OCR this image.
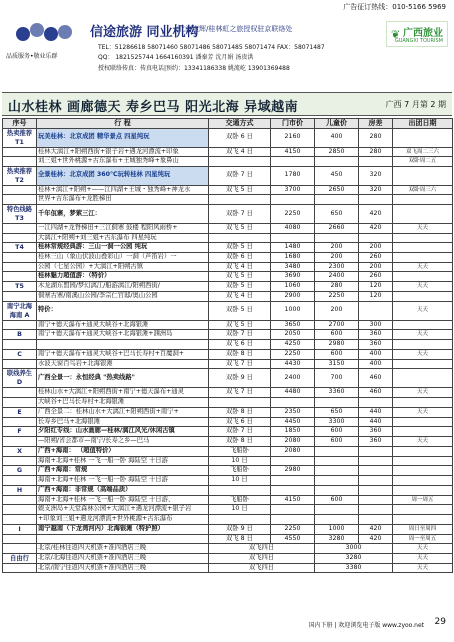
广告征订热线：010-5166 5969
品质服务•敬业乐群
信途旅游 同业机构
北海康辉/桂林虹之旅授权驻京联络处
TEL：51286618 58071460 58071486 58071485 58071474 FAX：58071487
QQ： 1821525744 1664160391 潘秦芳 沈月娟 汤贵洪
授权联络传真：传真电话|预约：13341186338 姚流屹 13901369488
❦ 广西旅业
GUANGXI TOURISM
山水桂林 画廊德天 寿乡巴马 阳光北海 异域越南	广西 7 月第 2 期
序号	行 程	交通方式	门市价	儿童价	房差	出团日期
热卖推荐 T1	玩美桂林：北京成团 精华景点 四星纯玩	双卧 6 日	2160	400	280	
	桂林大漓江+阳朔西街+银子岩+遇龙河漂流+印象	双飞 4 日	4150	2850	280	双飞周二三六
	刘三姐+世外桃源+古东瀑布+王城独秀峰+象鼻山					双卧周二五
热卖推荐 T2	全景桂林：北京成团 360℃玩转桂林 四星纯玩	双卧 7 日	1780	450	320	
	桂林+漓江+阳朔+——江四湖+王城・独秀峰+神龙水	双飞 5 日	3700	2650	320	双卧周三六
	世界+古东瀑布+龙胜梯田					
特色线路 T3	千年佤寨，梦萦三江：	双卧 7 日	2250	650	420	
	一江四湖+龙脊梯田+三江侗寨 鼓楼 程阳风雨桥+	双飞 5 日	4080	2660	420	天天
	大漓江+阳朔+刘三姐+古东瀑布 四星纯玩					
T4	桂林常规经典游：三山一洞一公园 纯玩	双卧 5 日	1480	200	200	
	桂林三山（象山伏波山叠彩山）一洞（芦笛岩）一	双卧 6 日	1680	200	260	
	公园（七星公园）+大漓江+阳朔古镇	双飞 4 日	3480	2300	200	天天
	桂林魅力超值游：（特价）	双飞 5 日	3690	2400	260	
T5	木龙湖东盟园/梦幻漓江/船游漓江/阳朔西街/	双卧 5 日	1060	280	120	天天
	侗寨古寨/南溪山公园/李宗仁官邸/奥山公园	双飞 4 日	2900	2250	120	
南宁北海海南 A	特价：	双卧 5 日	1000	200		天天
	南宁+德天瀑布+通灵大峡谷+北海银滩	双飞 5 日	3650	2700	300	
B	南宁+德天瀑布+通灵大峡谷+北海银滩+涠洲岛	双卧 7 日	2050	600	360	天天
		双飞 6 日	4250	2980	360	
C	南宁+德天瀑布+通灵大峡谷+巴马长寿村+百魔洞+	双卧 8 日	2250	600	400	天天
	水波天窗百鸟岩+北海银滩	双飞 7 日	4430	3150	400	
联线养生 D	广西全景一：永恒经典 "热卖线路"	双卧 9 日	2400	700	460	
	桂林山水+大漓江+阳朔西街+南宁+德天瀑布+通灵	双飞 7 日	4480	3360	460	天天
	大峡谷+巴马长寿村+北海银滩					
E	广西全景二：桂林山水+大漓江+阳朔西街+南宁+	双卧 8 日	2350	650	440	天天
	长寿乡巴马+北海银滩	双飞 6 日	4450	3300	440	
F	夕阳红专线：山水画廊—桂林/漓江风光/休闲古镇	双卧 7 日	1850	600	360	
	—阳朔/省会都市—南宁/长寿之乡—巴马	双卧 8 日	2080	600	360	天天
X	广西+海南： （超值特价）	飞船卧	2080			
	海南+北海+桂林 一飞一船一卧 海陆空 十日游	10 日				
G	广西+海南：常规	飞船卧	2980			
	海南+北海+桂林 一飞一船一卧 海陆空 十日游	10 日				
H	广西+海南：非常规（高端品质）					
	海南+北海+桂林 一飞一船一卧 海陆空 十日游、	飞船卧	4150	600		周一周五
	蜈支洲岛+天堂森林公园+大漓江+遇龙河漂流+银子岩	10 日				
	+印象刘三姐+遇龙河漂流+世外桃源+古东瀑布					
I	南宁越南（下龙湾河内）北海银滩（特护照）	双卧 9 日	2250	1000	420	周日至周四
		双飞 8 日	4550	3280	420	周一至周五
	北京/桂林往返四天机票+准四酒店三晚	双飞四日		3000		天天
自由行	北京/北海往返四天机票+准四酒店三晚	双飞四日		3280		天天
	北京/南宁往返四天机票+准四酒店三晚	双飞四日		3380		天天
国内下册 | 欢迎浏览电子版 www.zyoo.net	29
